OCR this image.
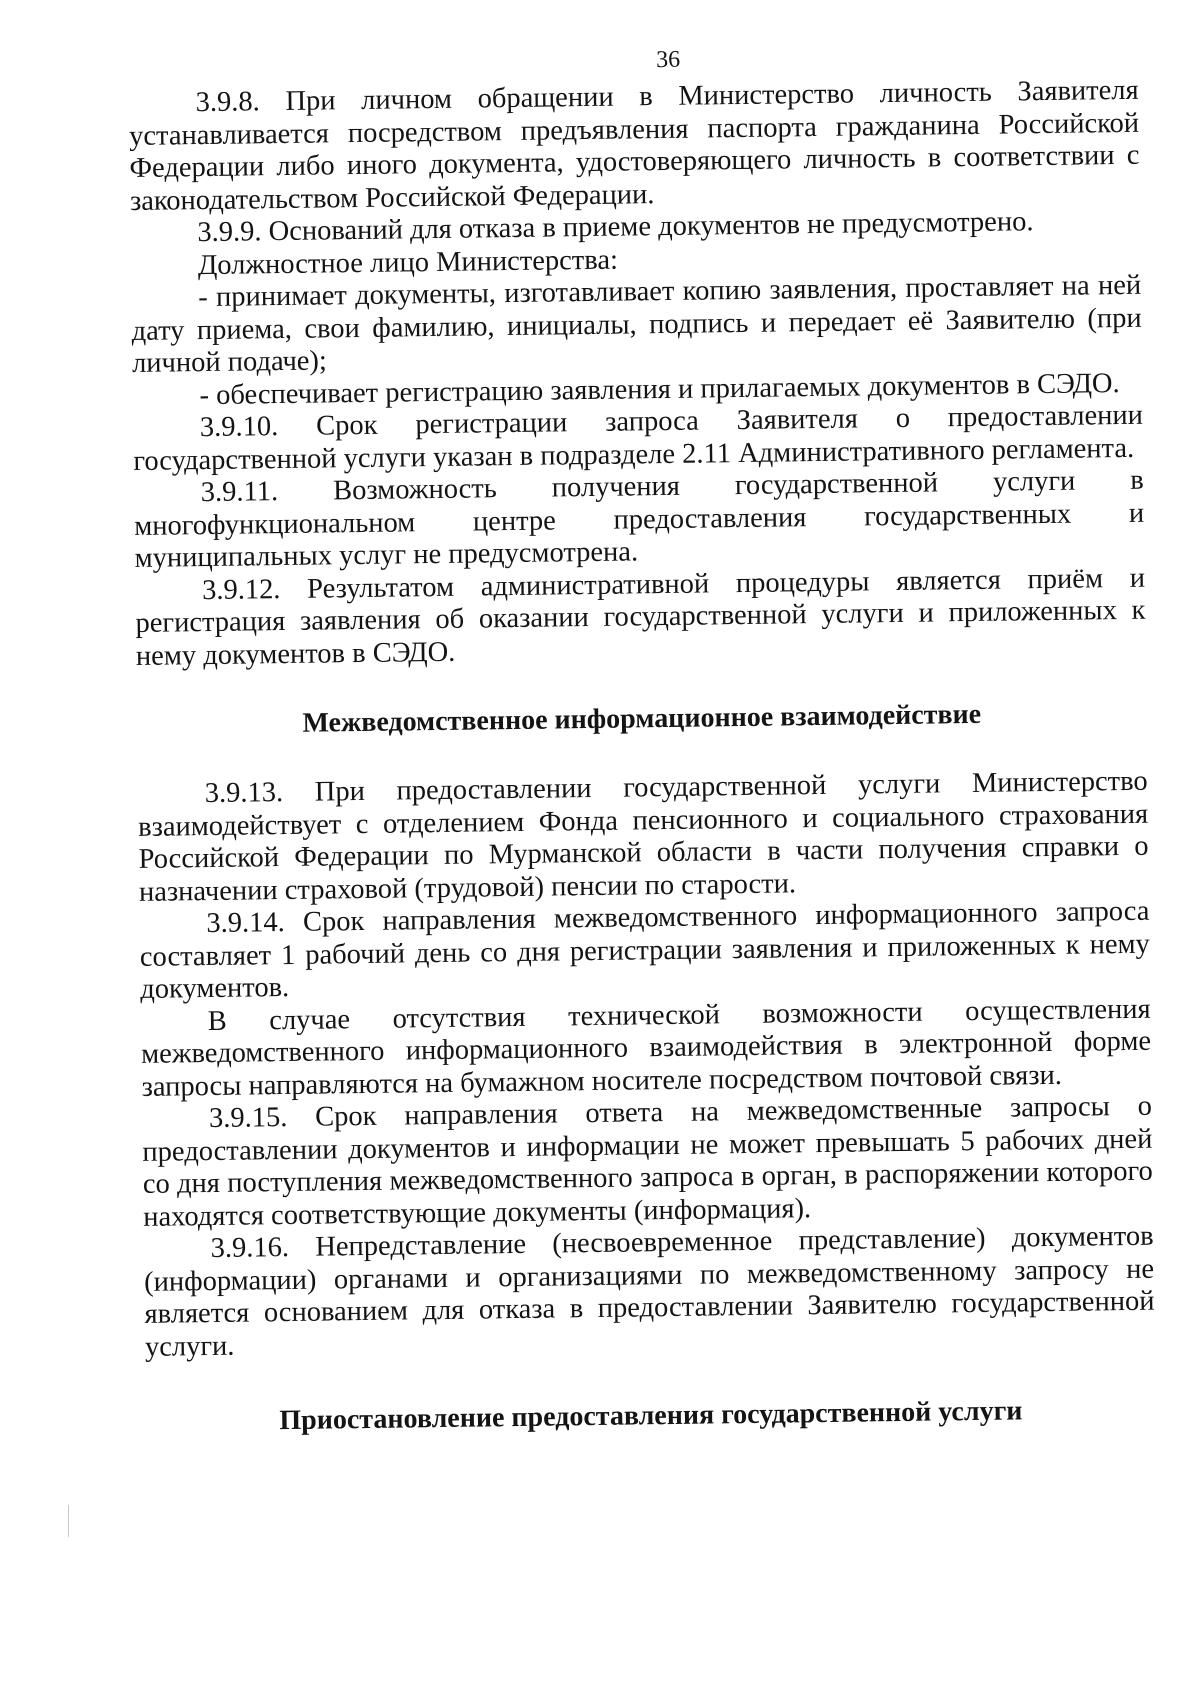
36

3.9.8. При личном обращении в Министерство личность Заявителя устанавливается посредством предъявления паспорта гражданина Российской Федерации либо иного документа, удостоверяющего личность в соответствии с законодательством Российской Федерации.

3.9.9. Оснований для отказа в приеме документов не предусмотрено.

Должностное лицо Министерства:

- принимает документы, изготавливает копию заявления, проставляет на ней дату приема, свои фамилию, инициалы, подпись и передает её Заявителю (при личной подаче);

- обеспечивает регистрацию заявления и прилагаемых документов в СЭДО.

3.9.10. Срок регистрации запроса Заявителя о предоставлении государственной услуги указан в подразделе 2.11 Административного регламента.

3.9.11. Возможность получения государственной услуги в многофункциональном центре предоставления государственных и муниципальных услуг не предусмотрена.

3.9.12. Результатом административной процедуры является приём и регистрация заявления об оказании государственной услуги и приложенных к нему документов в СЭДО.

Межведомственное информационное взаимодействие

3.9.13. При предоставлении государственной услуги Министерство взаимодействует с отделением Фонда пенсионного и социального страхования Российской Федерации по Мурманской области в части получения справки о назначении страховой (трудовой) пенсии по старости.

3.9.14. Срок направления межведомственного информационного запроса составляет 1 рабочий день со дня регистрации заявления и приложенных к нему документов.

В случае отсутствия технической возможности осуществления межведомственного информационного взаимодействия в электронной форме запросы направляются на бумажном носителе посредством почтовой связи.

3.9.15. Срок направления ответа на межведомственные запросы о предоставлении документов и информации не может превышать 5 рабочих дней со дня поступления межведомственного запроса в орган, в распоряжении которого находятся соответствующие документы (информация).

3.9.16. Непредставление (несвоевременное представление) документов (информации) органами и организациями по межведомственному запросу не является основанием для отказа в предоставлении Заявителю государственной услуги.

Приостановление предоставления государственной услуги
